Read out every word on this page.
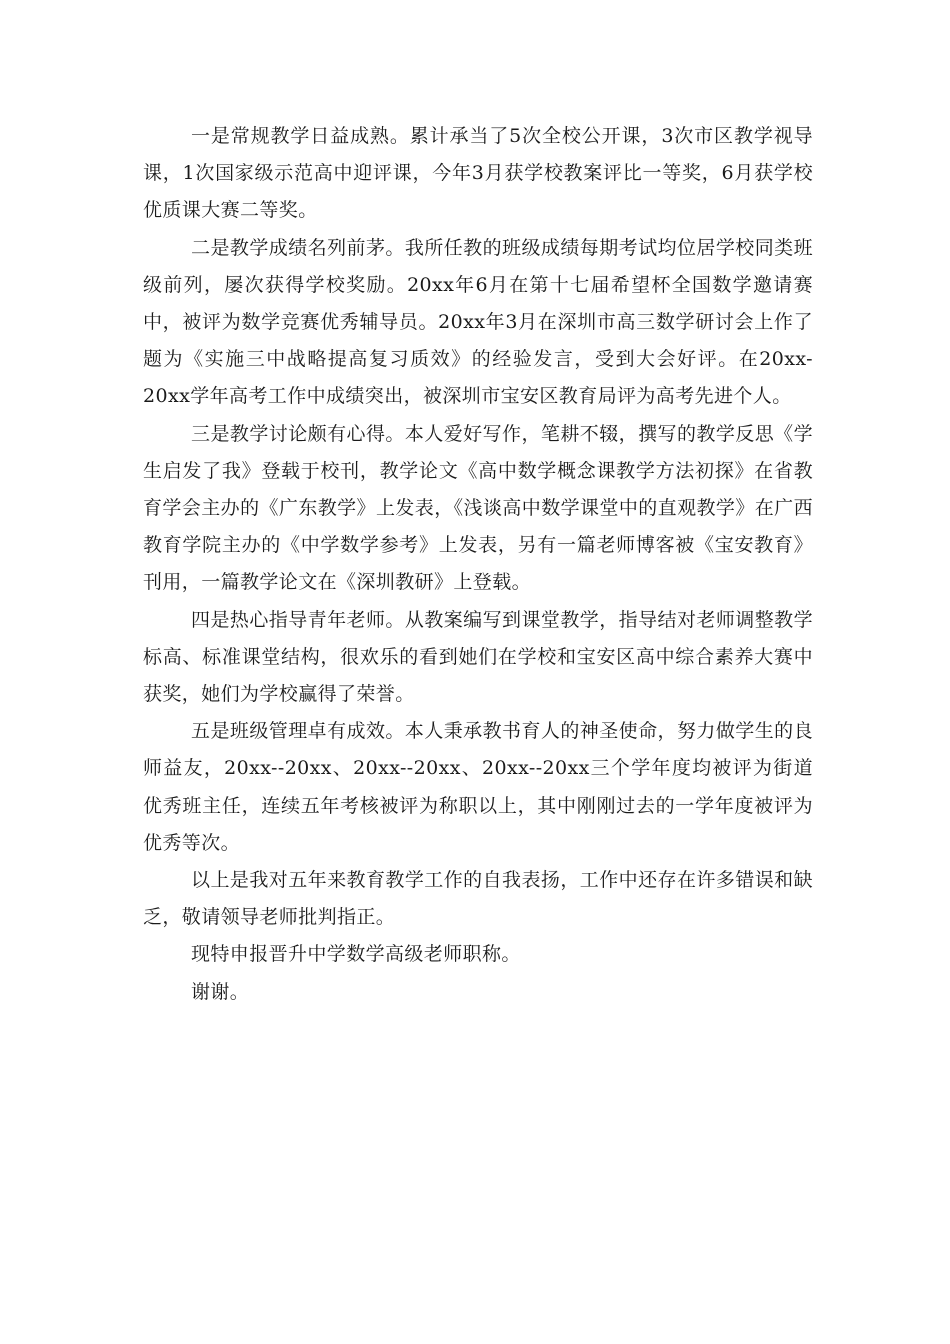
一是常规教学日益成熟。累计承当了5次全校公开课，3次市区教学视导课，1次国家级示范高中迎评课，今年3月获学校教案评比一等奖，6月获学校优质课大赛二等奖。

二是教学成绩名列前茅。我所任教的班级成绩每期考试均位居学校同类班级前列，屡次获得学校奖励。20xx年6月在第十七届希望杯全国数学邀请赛中，被评为数学竞赛优秀辅导员。20xx年3月在深圳市高三数学研讨会上作了题为《实施三中战略提高复习质效》的经验发言，受到大会好评。在20xx-20xx学年高考工作中成绩突出，被深圳市宝安区教育局评为高考先进个人。

三是教学讨论颇有心得。本人爱好写作，笔耕不辍，撰写的教学反思《学生启发了我》登载于校刊，教学论文《高中数学概念课教学方法初探》在省教育学会主办的《广东教学》上发表，《浅谈高中数学课堂中的直观教学》在广西教育学院主办的《中学数学参考》上发表，另有一篇老师博客被《宝安教育》刊用，一篇教学论文在《深圳教研》上登载。

四是热心指导青年老师。从教案编写到课堂教学，指导结对老师调整教学标高、标准课堂结构，很欢乐的看到她们在学校和宝安区高中综合素养大赛中获奖，她们为学校赢得了荣誉。

五是班级管理卓有成效。本人秉承教书育人的神圣使命，努力做学生的良师益友，20xx--20xx、20xx--20xx、20xx--20xx三个学年度均被评为街道优秀班主任，连续五年考核被评为称职以上，其中刚刚过去的一学年度被评为优秀等次。

以上是我对五年来教育教学工作的自我表扬，工作中还存在许多错误和缺乏，敬请领导老师批判指正。

现特申报晋升中学数学高级老师职称。

谢谢。
